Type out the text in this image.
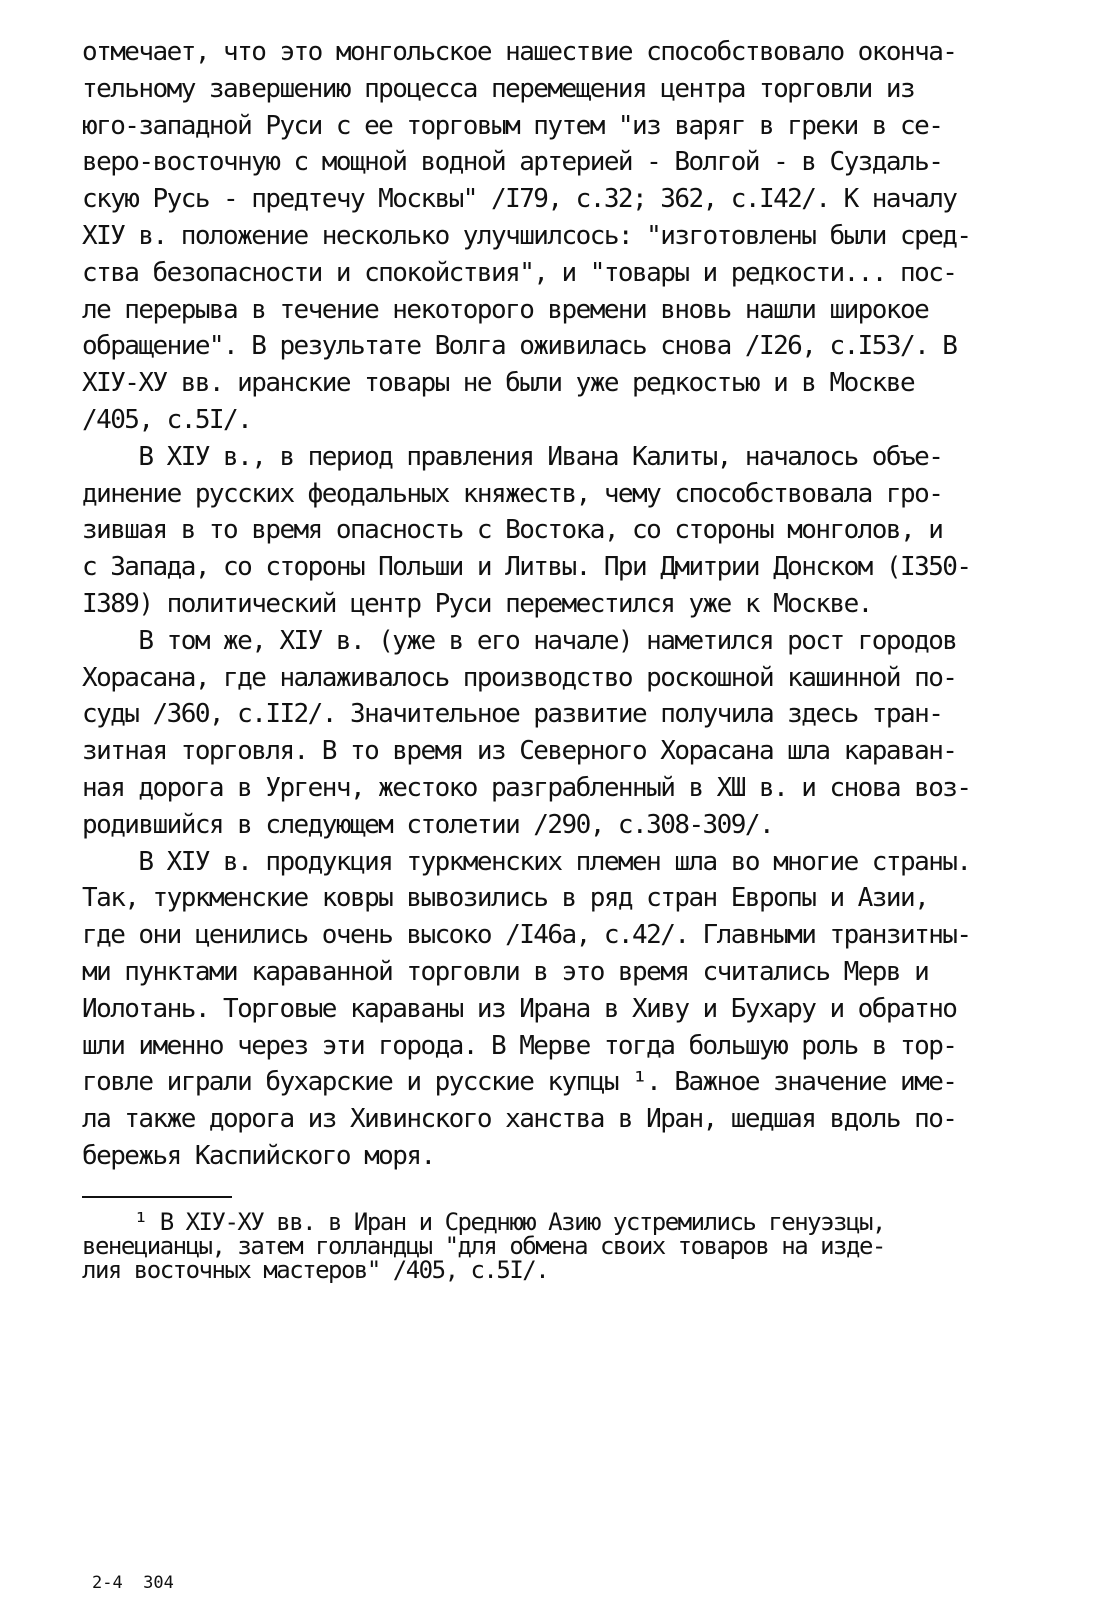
отмечает, что это монгольское нашествие способствовало оконча-
тельному завершению процесса перемещения центра торговли из
юго-западной Руси с ее торговым путем "из варяг в греки в се-
веро-восточную с мощной водной артерией - Волгой - в Суздаль-
скую Русь - предтечу Москвы" /I79, с.32; 362, с.I42/. К началу
XIУ в. положение несколько улучшилсось: "изготовлены были сред-
ства безопасности и спокойствия", и "товары и редкости... пос-
ле перерыва в течение некоторого времени вновь нашли широкое
обращение". В результате Волга оживилась снова /I26, с.I53/. В
XIУ-XУ вв. иранские товары не были уже редкостью и в Москве
/405, с.5I/.
В XIУ в., в период правления Ивана Калиты, началось объе-
динение русских феодальных княжеств, чему способствовала гро-
зившая в то время опасность с Востока, со стороны монголов, и
с Запада, со стороны Польши и Литвы. При Дмитрии Донском (I350-
I389) политический центр Руси переместился уже к Москве.
В том же, XIУ в. (уже в его начале) наметился рост городов
Хорасана, где налаживалось производство роскошной кашинной по-
суды /360, с.II2/. Значительное развитие получила здесь тран-
зитная торговля. В то время из Северного Хорасана шла караван-
ная дорога в Ургенч, жестоко разграбленный в XШ в. и снова воз-
родившийся в следующем столетии /290, с.308-309/.
В XIУ в. продукция туркменских племен шла во многие страны.
Так, туркменские ковры вывозились в ряд стран Европы и Азии,
где они ценились очень высоко /I46а, с.42/. Главными транзитны-
ми пунктами караванной торговли в это время считались Мерв и
Иолотань. Торговые караваны из Ирана в Хиву и Бухару и обратно
шли именно через эти города. В Мерве тогда большую роль в тор-
говле играли бухарские и русские купцы ¹. Важное значение име-
ла также дорога из Хивинского ханства в Иран, шедшая вдоль по-
бережья Каспийского моря.
¹ В XIУ-XУ вв. в Иран и Среднюю Азию устремились генуэзцы,
венецианцы, затем голландцы "для обмена своих товаров на изде-
лия восточных мастеров" /405, с.5I/.
2-4  304
